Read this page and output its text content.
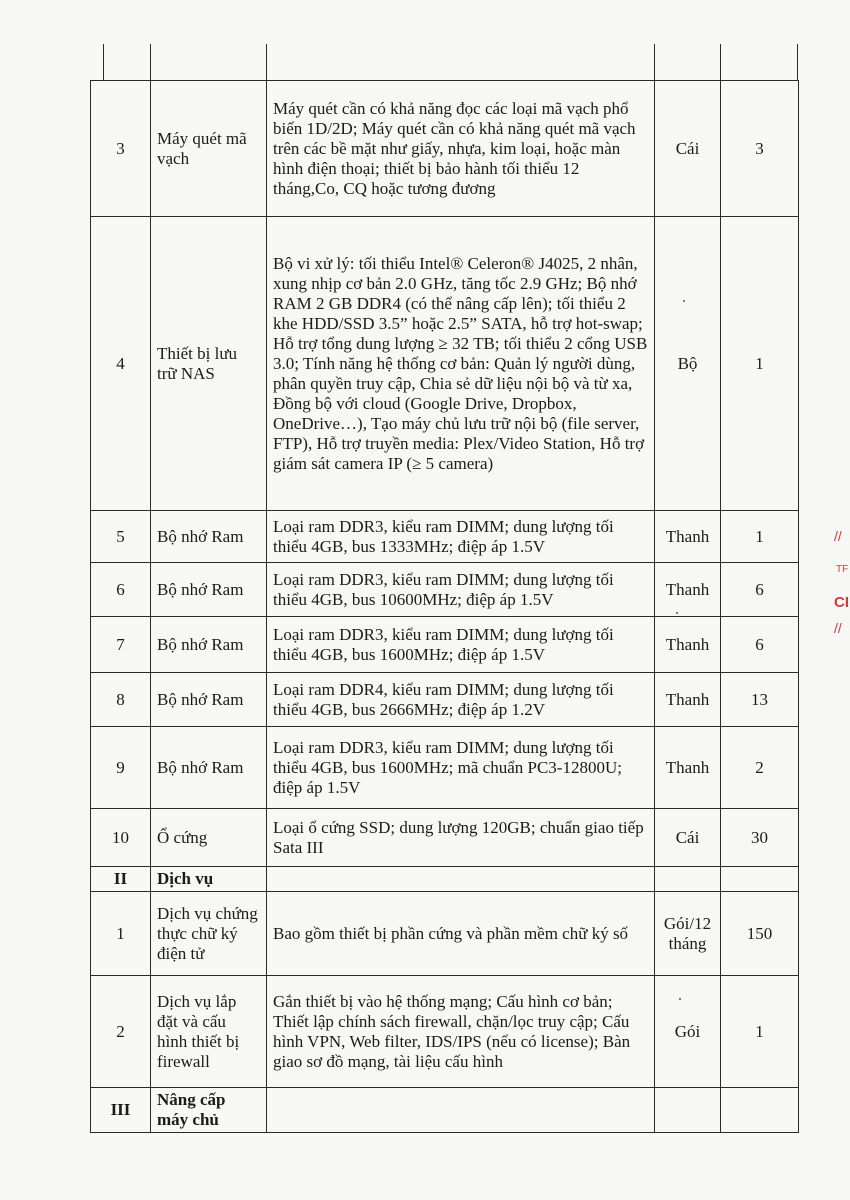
3	Máy quét mã vạch	Máy quét cần có khả năng đọc các loại mã vạch phổ biến 1D/2D; Máy quét cần có khả năng quét mã vạch trên các bề mặt như giấy, nhựa, kim loại, hoặc màn hình điện thoại; thiết bị bảo hành tối thiểu 12 tháng,Co, CQ hoặc tương đương	Cái	3
4	Thiết bị lưu trữ NAS	Bộ vi xử lý: tối thiểu Intel® Celeron® J4025, 2 nhân, xung nhịp cơ bản 2.0 GHz, tăng tốc 2.9 GHz; Bộ nhớ RAM 2 GB DDR4 (có thể nâng cấp lên); tối thiểu 2 khe HDD/SSD 3.5” hoặc 2.5” SATA, hỗ trợ hot-swap; Hỗ trợ tổng dung lượng ≥ 32 TB; tối thiểu 2 cổng USB 3.0; Tính năng hệ thống cơ bản: Quản lý người dùng, phân quyền truy cập, Chia sẻ dữ liệu nội bộ và từ xa, Đồng bộ với cloud (Google Drive, Dropbox, OneDrive…), Tạo máy chủ lưu trữ nội bộ (file server, FTP), Hỗ trợ truyền media: Plex/Video Station, Hỗ trợ giám sát camera IP (≥ 5 camera)	Bộ	1
5	Bộ nhớ Ram	Loại ram DDR3, kiểu ram DIMM; dung lượng tối thiểu 4GB, bus 1333MHz; điệp áp 1.5V	Thanh	1
6	Bộ nhớ Ram	Loại ram DDR3, kiểu ram DIMM; dung lượng tối thiểu 4GB, bus 10600MHz; điệp áp 1.5V	Thanh	6
7	Bộ nhớ Ram	Loại ram DDR3, kiểu ram DIMM; dung lượng tối thiểu 4GB, bus 1600MHz; điệp áp 1.5V	Thanh	6
8	Bộ nhớ Ram	Loại ram DDR4, kiểu ram DIMM; dung lượng tối thiểu 4GB, bus 2666MHz; điệp áp 1.2V	Thanh	13
9	Bộ nhớ Ram	Loại ram DDR3, kiểu ram DIMM; dung lượng tối thiểu 4GB, bus 1600MHz; mã chuẩn PC3-12800U; điệp áp 1.5V	Thanh	2
10	Ổ cứng	Loại ổ cứng SSD; dung lượng 120GB; chuẩn giao tiếp Sata III	Cái	30
II	Dịch vụ			
1	Dịch vụ chứng thực chữ ký điện tử	Bao gồm thiết bị phần cứng và phần mềm chữ ký số	Gói/12 tháng	150
2	Dịch vụ lắp đặt và cấu hình thiết bị firewall	Gắn thiết bị vào hệ thống mạng; Cấu hình cơ bản; Thiết lập chính sách firewall, chặn/lọc truy cập; Cấu hình VPN, Web filter, IDS/IPS (nếu có license); Bàn giao sơ đồ mạng, tài liệu cấu hình	Gói	1
III	Nâng cấp máy chủ			
//
TF
CI
//
